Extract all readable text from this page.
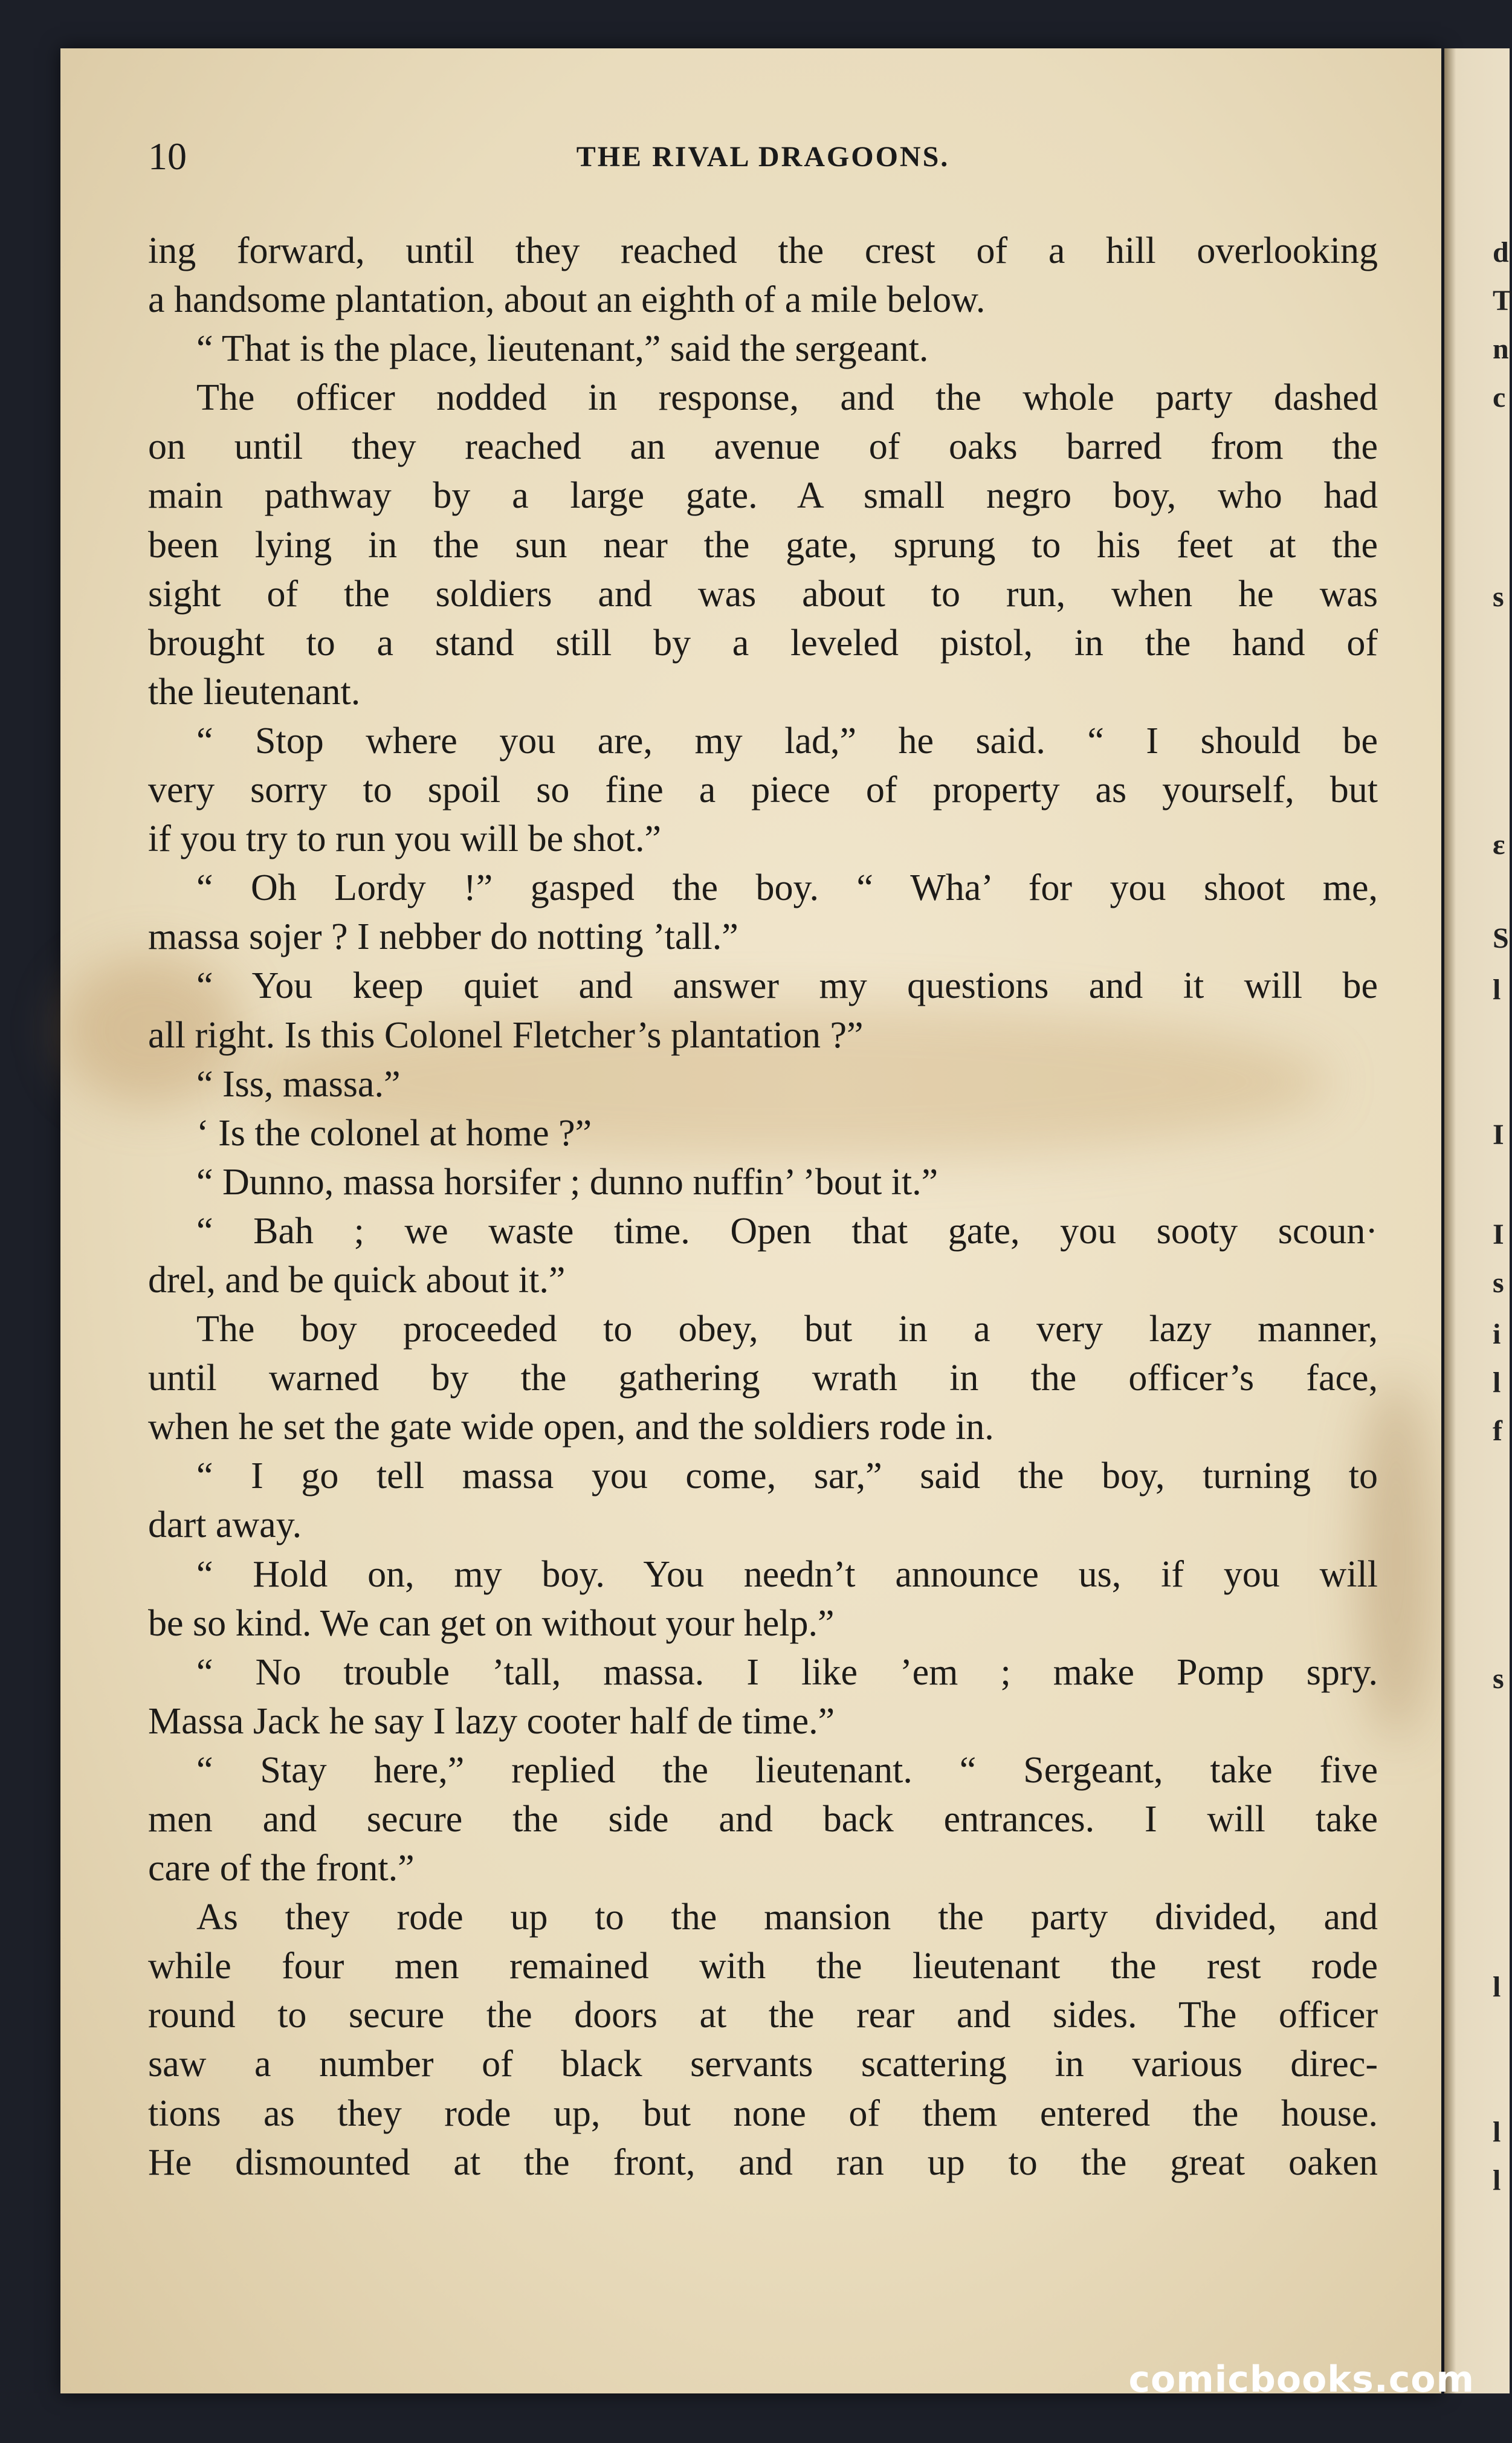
d
T
n
c
s
ε
S
l
I
I
s
i
l
f
s
l
l
l
10	THE RIVAL DRAGOONS.
ing forward, until they reached the crest of a hill overlooking
a handsome plantation, about an eighth of a mile below.
“ That is the place, lieutenant,” said the sergeant.
The officer nodded in response, and the whole party dashed
on until they reached an avenue of oaks barred from the
main pathway by a large gate. A small negro boy, who had
been lying in the sun near the gate, sprung to his feet at the
sight of the soldiers and was about to run, when he was
brought to a stand still by a leveled pistol, in the hand of
the lieutenant.
“ Stop where you are, my lad,” he said. “ I should be
very sorry to spoil so fine a piece of property as yourself, but
if you try to run you will be shot.”
“ Oh Lordy !” gasped the boy. “ Wha’ for you shoot me,
massa sojer ? I nebber do notting ’tall.”
“ You keep quiet and answer my questions and it will be
all right. Is this Colonel Fletcher’s plantation ?”
“ Iss, massa.”
‘ Is the colonel at home ?”
“ Dunno, massa horsifer ; dunno nuffin’ ’bout it.”
“ Bah ; we waste time. Open that gate, you sooty scoun·
drel, and be quick about it.”
The boy proceeded to obey, but in a very lazy manner,
until warned by the gathering wrath in the officer’s face,
when he set the gate wide open, and the soldiers rode in.
“ I go tell massa you come, sar,” said the boy, turning to
dart away.
“ Hold on, my boy. You needn’t announce us, if you will
be so kind. We can get on without your help.”
“ No trouble ’tall, massa. I like ’em ; make Pomp spry.
Massa Jack he say I lazy cooter half de time.”
“ Stay here,” replied the lieutenant. “ Sergeant, take five
men and secure the side and back entrances. I will take
care of the front.”
As they rode up to the mansion the party divided, and
while four men remained with the lieutenant the rest rode
round to secure the doors at the rear and sides. The officer
saw a number of black servants scattering in various direc-
tions as they rode up, but none of them entered the house.
He dismounted at the front, and ran up to the great oaken
comicbooks.com
